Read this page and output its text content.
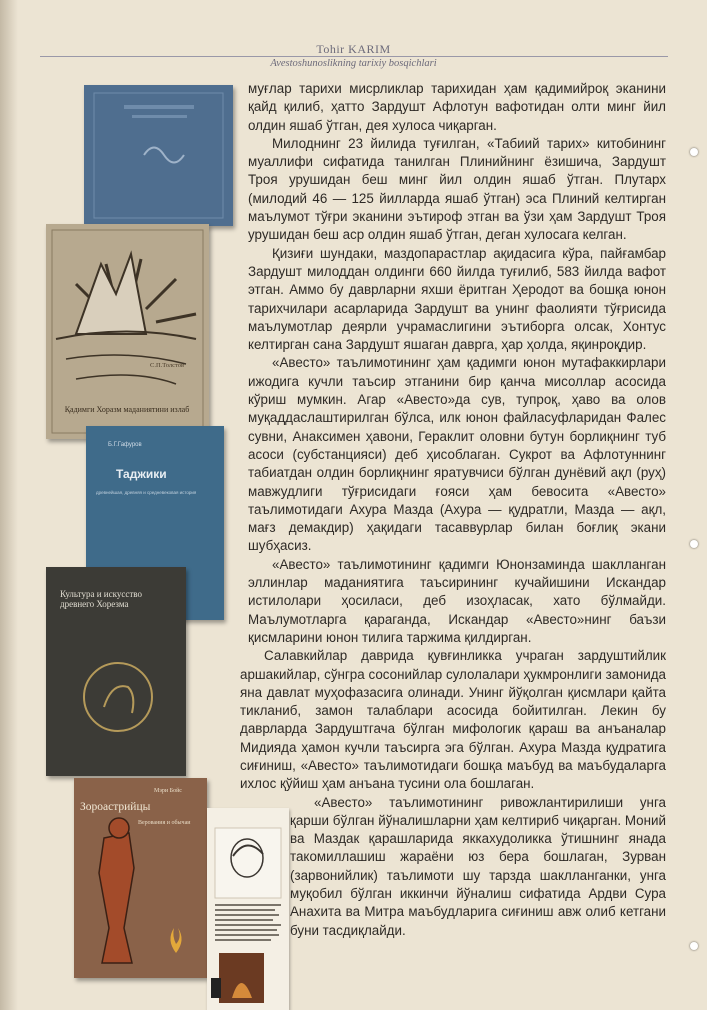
Tohir KARIM
Avestoshunoslikning tarixiy bosqichlari
С.П.Толстов
Қадимги Хоразм маданиятини излаб
Б.Г.Гафуров
Таджики
древнейшая, древняя и средневековая история
Культура и искусство древнего Хорезма
Мэри Бойс
Зороастрийцы
Верования и обычаи

муғлар тарихи мисрликлар тарихидан ҳам қадимийроқ эканини қайд қилиб, ҳатто Зардушт Афлотун вафотидан олти минг йил олдин яшаб ўтган, дея хулоса чиқарган.

Милоднинг 23 йилида туғилган, «Табиий тарих» китобининг муаллифи сифатида танилган Плинийнинг ёзишича, Зардушт Троя урушидан беш минг йил олдин яшаб ўтган. Плутарх (милодий 46 — 125 йилларда яшаб ўтган) эса Плиний келтирган маълумот тўғри эканини эътироф этган ва ўзи ҳам Зардушт Троя урушидан беш аср олдин яшаб ўтган, деган хулосага келган.

Қизиғи шундаки, маздопарастлар ақидасига кўра, пайғамбар Зардушт милоддан олдинги 660 йилда туғилиб, 583 йилда вафот этган. Аммо бу даврларни яхши ёритган Ҳеродот ва бошқа юнон тарихчилари асарларида Зардушт ва унинг фаолияти тўғрисида маълумотлар деярли учрамаслигини эътиборга олсак, Хонтус келтирган сана Зардушт яшаган даврга, ҳар ҳолда, яқинроқдир.

«Авесто» таълимотининг ҳам қадимги юнон мутафаккирлари ижодига кучли таъсир этганини бир қанча мисоллар асосида кўриш мумкин. Агар «Авесто»да сув, тупроқ, ҳаво ва олов муқаддаслаштирилган бўлса, илк юнон файласуфларидан Фалес сувни, Анаксимен ҳавони, Гераклит оловни бутун борлиқнинг туб асоси (субстанцияси) деб ҳисоблаган. Сукрот ва Афлотуннинг табиатдан олдин борлиқнинг яратувчиси бўлган дунёвий ақл (руҳ) мавжудлиги тўғрисидаги ғояси ҳам бевосита «Авесто» таълимотидаги Ахура Мазда (Ахура — қудратли, Мазда — ақл, мағз демакдир) ҳақидаги тасаввурлар билан боғлиқ экани шубҳасиз.

«Авесто» таълимотининг қадимги Юнонзаминда шаклланган эллинлар маданиятига таъсирининг кучайишини Искандар истилолари ҳосиласи, деб изоҳласак, хато бўлмайди. Маълумотларга қараганда, Искандар «Авесто»нинг баъзи қисмларини юнон тилига таржима қилдирган.

Салавкийлар даврида қувғинликка учраган зардуштийлик аршакийлар, сўнгра сосонийлар сулолалари ҳукмронлиги замонида яна давлат муҳофазасига олинади. Унинг йўқолган қисмлари қайта тикланиб, замон талаблари асосида бойитилган. Лекин бу даврларда Зардуштгача бўлган мифологик қараш ва анъаналар Мидияда ҳамон кучли таъсирга эга бўлган. Ахура Мазда қудратига сиғиниш, «Авесто» таълимотидаги бошқа маъбуд ва маъбудаларга ихлос қўйиш ҳам анъана тусини ола бошлаган.

«Авесто» таълимотининг ривожлантирилиши унга қарши бўлган йўналишларни ҳам келтириб чиқарган. Моний ва Маздак қарашларида яккахудоликка ўтишнинг янада такомиллашиш жараёни юз бера бошлаган, Зурван (зарвонийлик) таълимоти шу тарзда шаклланганки, унга муқобил бўлган иккинчи йўналиш сифатида Ардви Сура Анахита ва Митра маъбудларига сиғиниш авж олиб кетгани буни тасдиқлайди.
